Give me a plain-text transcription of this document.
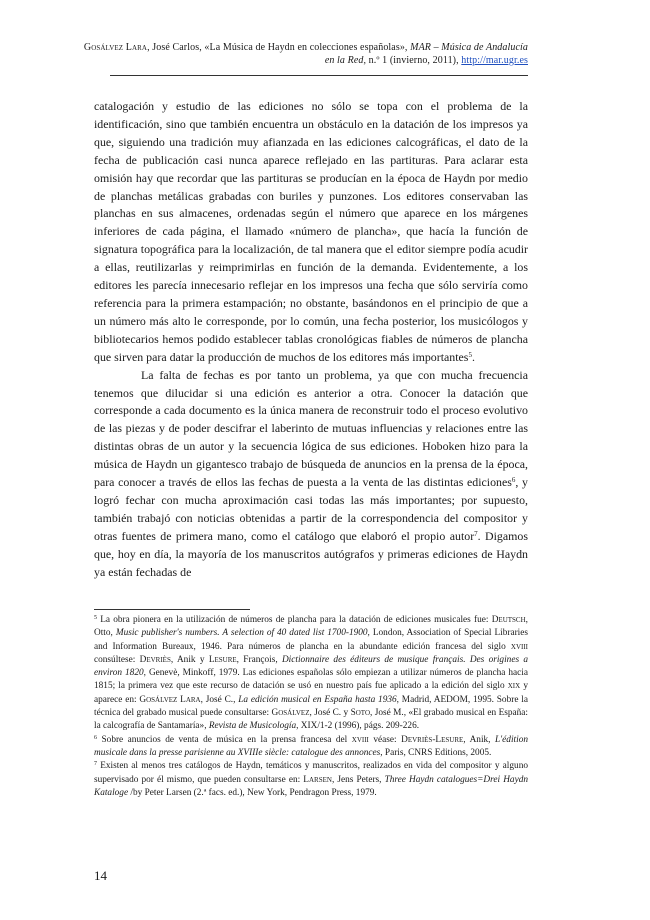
Gosálvez Lara, José Carlos, «La Música de Haydn en colecciones españolas», MAR – Música de Andalucía en la Red, n.º 1 (invierno, 2011), http://mar.ugr.es

catalogación y estudio de las ediciones no sólo se topa con el problema de la identificación, sino que también encuentra un obstáculo en la datación de los impresos ya que, siguiendo una tradición muy afianzada en las ediciones calcográficas, el dato de la fecha de publicación casi nunca aparece reflejado en las partituras. Para aclarar esta omisión hay que recordar que las partituras se producían en la época de Haydn por medio de planchas metálicas grabadas con buriles y punzones. Los editores conservaban las planchas en sus almacenes, ordenadas según el número que aparece en los márgenes inferiores de cada página, el llamado «número de plancha», que hacía la función de signatura topográfica para la localización, de tal manera que el editor siempre podía acudir a ellas, reutilizarlas y reimprimirlas en función de la demanda. Evidentemente, a los editores les parecía innecesario reflejar en los impresos una fecha que sólo serviría como referencia para la primera estampación; no obstante, basándonos en el principio de que a un número más alto le corresponde, por lo común, una fecha posterior, los musicólogos y bibliotecarios hemos podido establecer tablas cronológicas fiables de números de plancha que sirven para datar la producción de muchos de los editores más importantes$^5$.

La falta de fechas es por tanto un problema, ya que con mucha frecuencia tenemos que dilucidar si una edición es anterior a otra. Conocer la datación que corresponde a cada documento es la única manera de reconstruir todo el proceso evolutivo de las piezas y de poder descifrar el laberinto de mutuas influencias y relaciones entre las distintas obras de un autor y la secuencia lógica de sus ediciones. Hoboken hizo para la música de Haydn un gigantesco trabajo de búsqueda de anuncios en la prensa de la época, para conocer a través de ellos las fechas de puesta a la venta de las distintas ediciones$^6$, y logró fechar con mucha aproximación casi todas las más importantes; por supuesto, también trabajó con noticias obtenidas a partir de la correspondencia del compositor y otras fuentes de primera mano, como el catálogo que elaboró el propio autor$^7$. Digamos que, hoy en día, la mayoría de los manuscritos autógrafos y primeras ediciones de Haydn ya están fechadas de

$^5$ La obra pionera en la utilización de números de plancha para la datación de ediciones musicales fue: Deutsch, Otto, Music publisher's numbers. A selection of 40 dated list 1700-1900, London, Association of Special Libraries and Information Bureaux, 1946. Para números de plancha en la abundante edición francesa del siglo xviii consúltese: Devriès, Anik y Lesure, François, Dictionnaire des éditeurs de musique français. Des origines a environ 1820, Genevè, Minkoff, 1979. Las ediciones españolas sólo empiezan a utilizar números de plancha hacia 1815; la primera vez que este recurso de datación se usó en nuestro país fue aplicado a la edición del siglo xix y aparece en: Gosálvez Lara, José C., La edición musical en España hasta 1936, Madrid, AEDOM, 1995. Sobre la técnica del grabado musical puede consultarse: Gosálvez, José C. y Soto, José M., «El grabado musical en España: la calcografía de Santamaría», Revista de Musicología, XIX/1-2 (1996), págs. 209-226.

$^6$ Sobre anuncios de venta de música en la prensa francesa del xviii véase: Devriès-Lesure, Anik, L'édition musicale dans la presse parisienne au XVIIIe siècle: catalogue des annonces, Paris, CNRS Editions, 2005.

$^7$ Existen al menos tres catálogos de Haydn, temáticos y manuscritos, realizados en vida del compositor y alguno supervisado por él mismo, que pueden consultarse en: Larsen, Jens Peters, Three Haydn catalogues=Drei Haydn Kataloge /by Peter Larsen (2.ª facs. ed.), New York, Pendragon Press, 1979.

14
